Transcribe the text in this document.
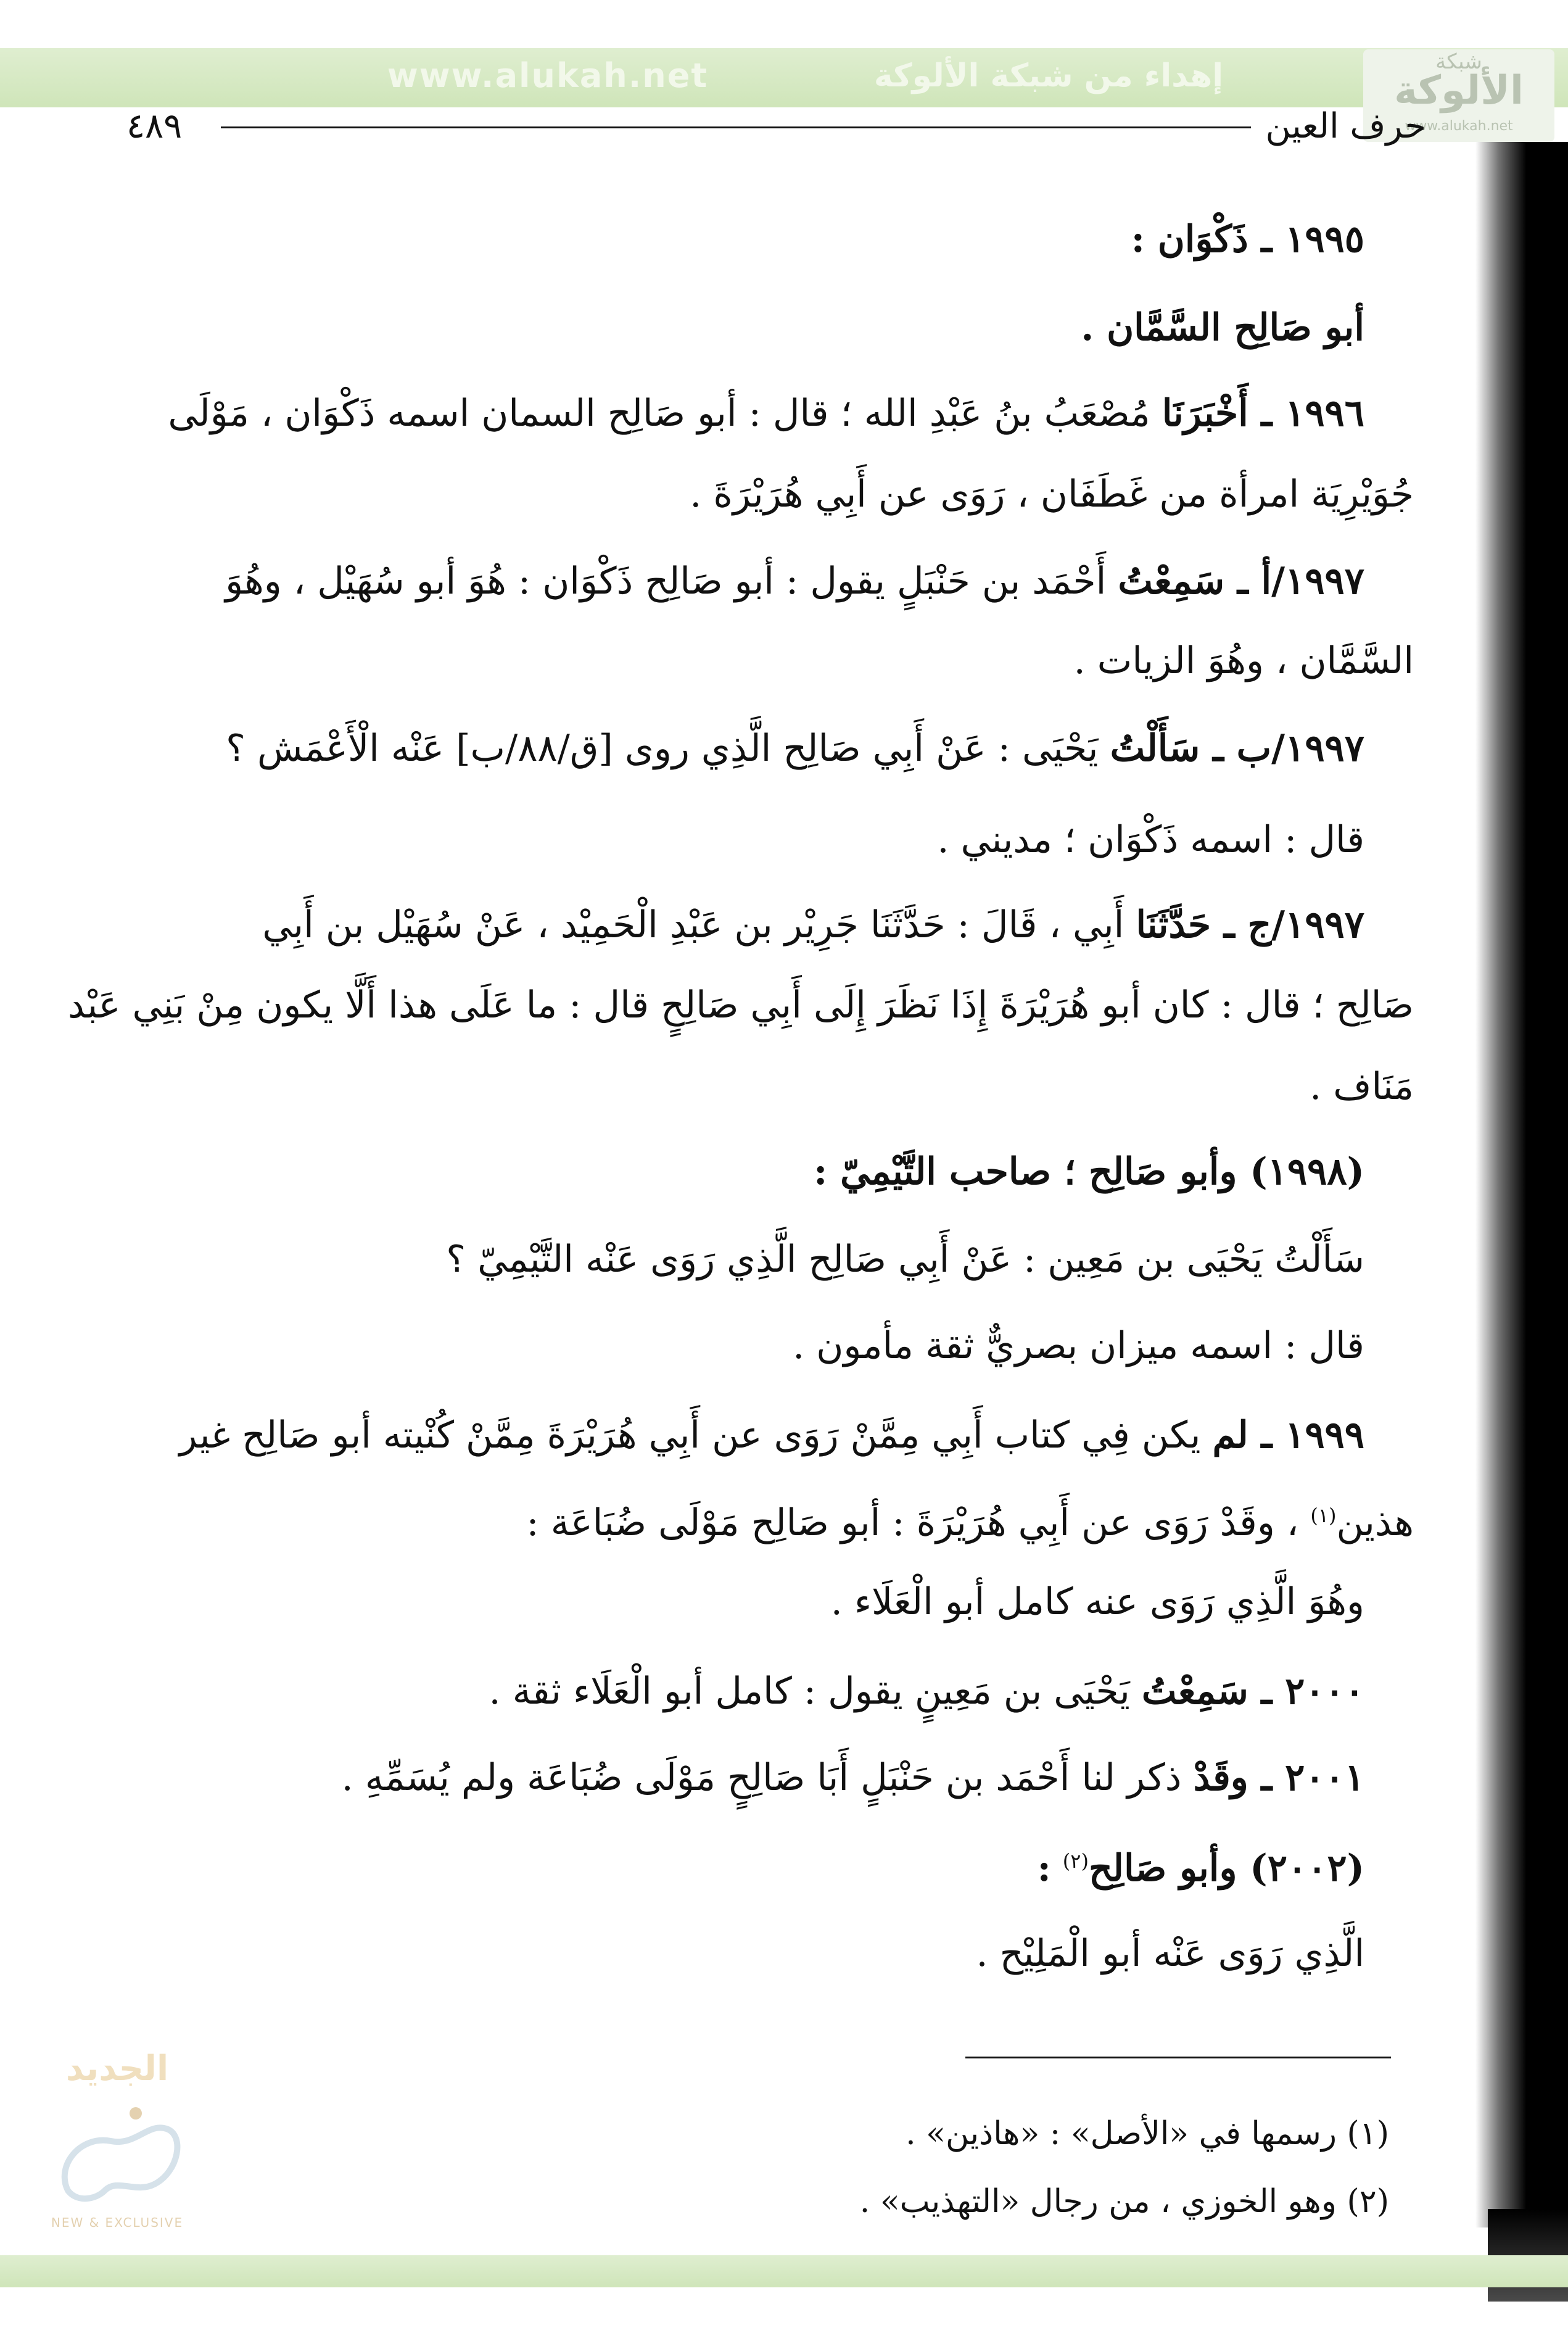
www.alukah.net	إهداء من شبكة الألوكة	شبكة
الألوكة
www.alukah.net
٤٨٩	حرف العين
١٩٩٥ ـ ذَكْوَان :
أبو صَالِح السَّمَّان .
١٩٩٦ ـ أَخْبَرَنَا مُصْعَبُ بنُ عَبْدِ الله ؛ قال : أبو صَالِح السمان اسمه ذَكْوَان ، مَوْلَى
جُوَيْرِيَة امرأة من غَطَفَان ، رَوَى عن أَبِي هُرَيْرَةَ .
١٩٩٧/أ ـ سَمِعْتُ أَحْمَد بن حَنْبَلٍ يقول : أبو صَالِح ذَكْوَان : هُوَ أبو سُهَيْل ، وهُوَ
السَّمَّان ، وهُوَ الزيات .
١٩٩٧/ب ـ سَأَلْتُ يَحْيَى : عَنْ أَبِي صَالِح الَّذِي روى [ق/٨٨/ب] عَنْه الْأَعْمَش ؟
قال : اسمه ذَكْوَان ؛ مديني .
١٩٩٧/ج ـ حَدَّثَنَا أَبِي ، قَالَ : حَدَّثَنَا جَرِيْر بن عَبْدِ الْحَمِيْد ، عَنْ سُهَيْل بن أَبِي
صَالِح ؛ قال : كان أبو هُرَيْرَةَ إِذَا نَظَرَ إِلَى أَبِي صَالِحٍ قال : ما عَلَى هذا أَلَّا يكون مِنْ بَنِي عَبْد
مَنَاف .
(١٩٩٨) وأبو صَالِح ؛ صاحب التَّيْمِيّ :
سَأَلْتُ يَحْيَى بن مَعِين : عَنْ أَبِي صَالِح الَّذِي رَوَى عَنْه التَّيْمِيّ ؟
قال : اسمه ميزان بصريٌّ ثقة مأمون .
١٩٩٩ ـ لم يكن فِي كتاب أَبِي مِمَّنْ رَوَى عن أَبِي هُرَيْرَةَ مِمَّنْ كُنْيته أبو صَالِح غير
هذين$^{(١)}$ ، وقَدْ رَوَى عن أَبِي هُرَيْرَةَ : أبو صَالِح مَوْلَى ضُبَاعَة :
وهُوَ الَّذِي رَوَى عنه كامل أبو الْعَلَاء .
٢٠٠٠ ـ سَمِعْتُ يَحْيَى بن مَعِينٍ يقول : كامل أبو الْعَلَاء ثقة .
٢٠٠١ ـ وقَدْ ذكر لنا أَحْمَد بن حَنْبَلٍ أَبَا صَالِحٍ مَوْلَى ضُبَاعَة ولم يُسَمِّهِ .
(٢٠٠٢) وأبو صَالِح$^{(٢)}$ :
الَّذِي رَوَى عَنْه أبو الْمَلِيْح .
(١) رسمها في «الأصل» : «هاذين» .
(٢) وهو الخوزي ، من رجال «التهذيب» .
الجديد
NEW & EXCLUSIVE
